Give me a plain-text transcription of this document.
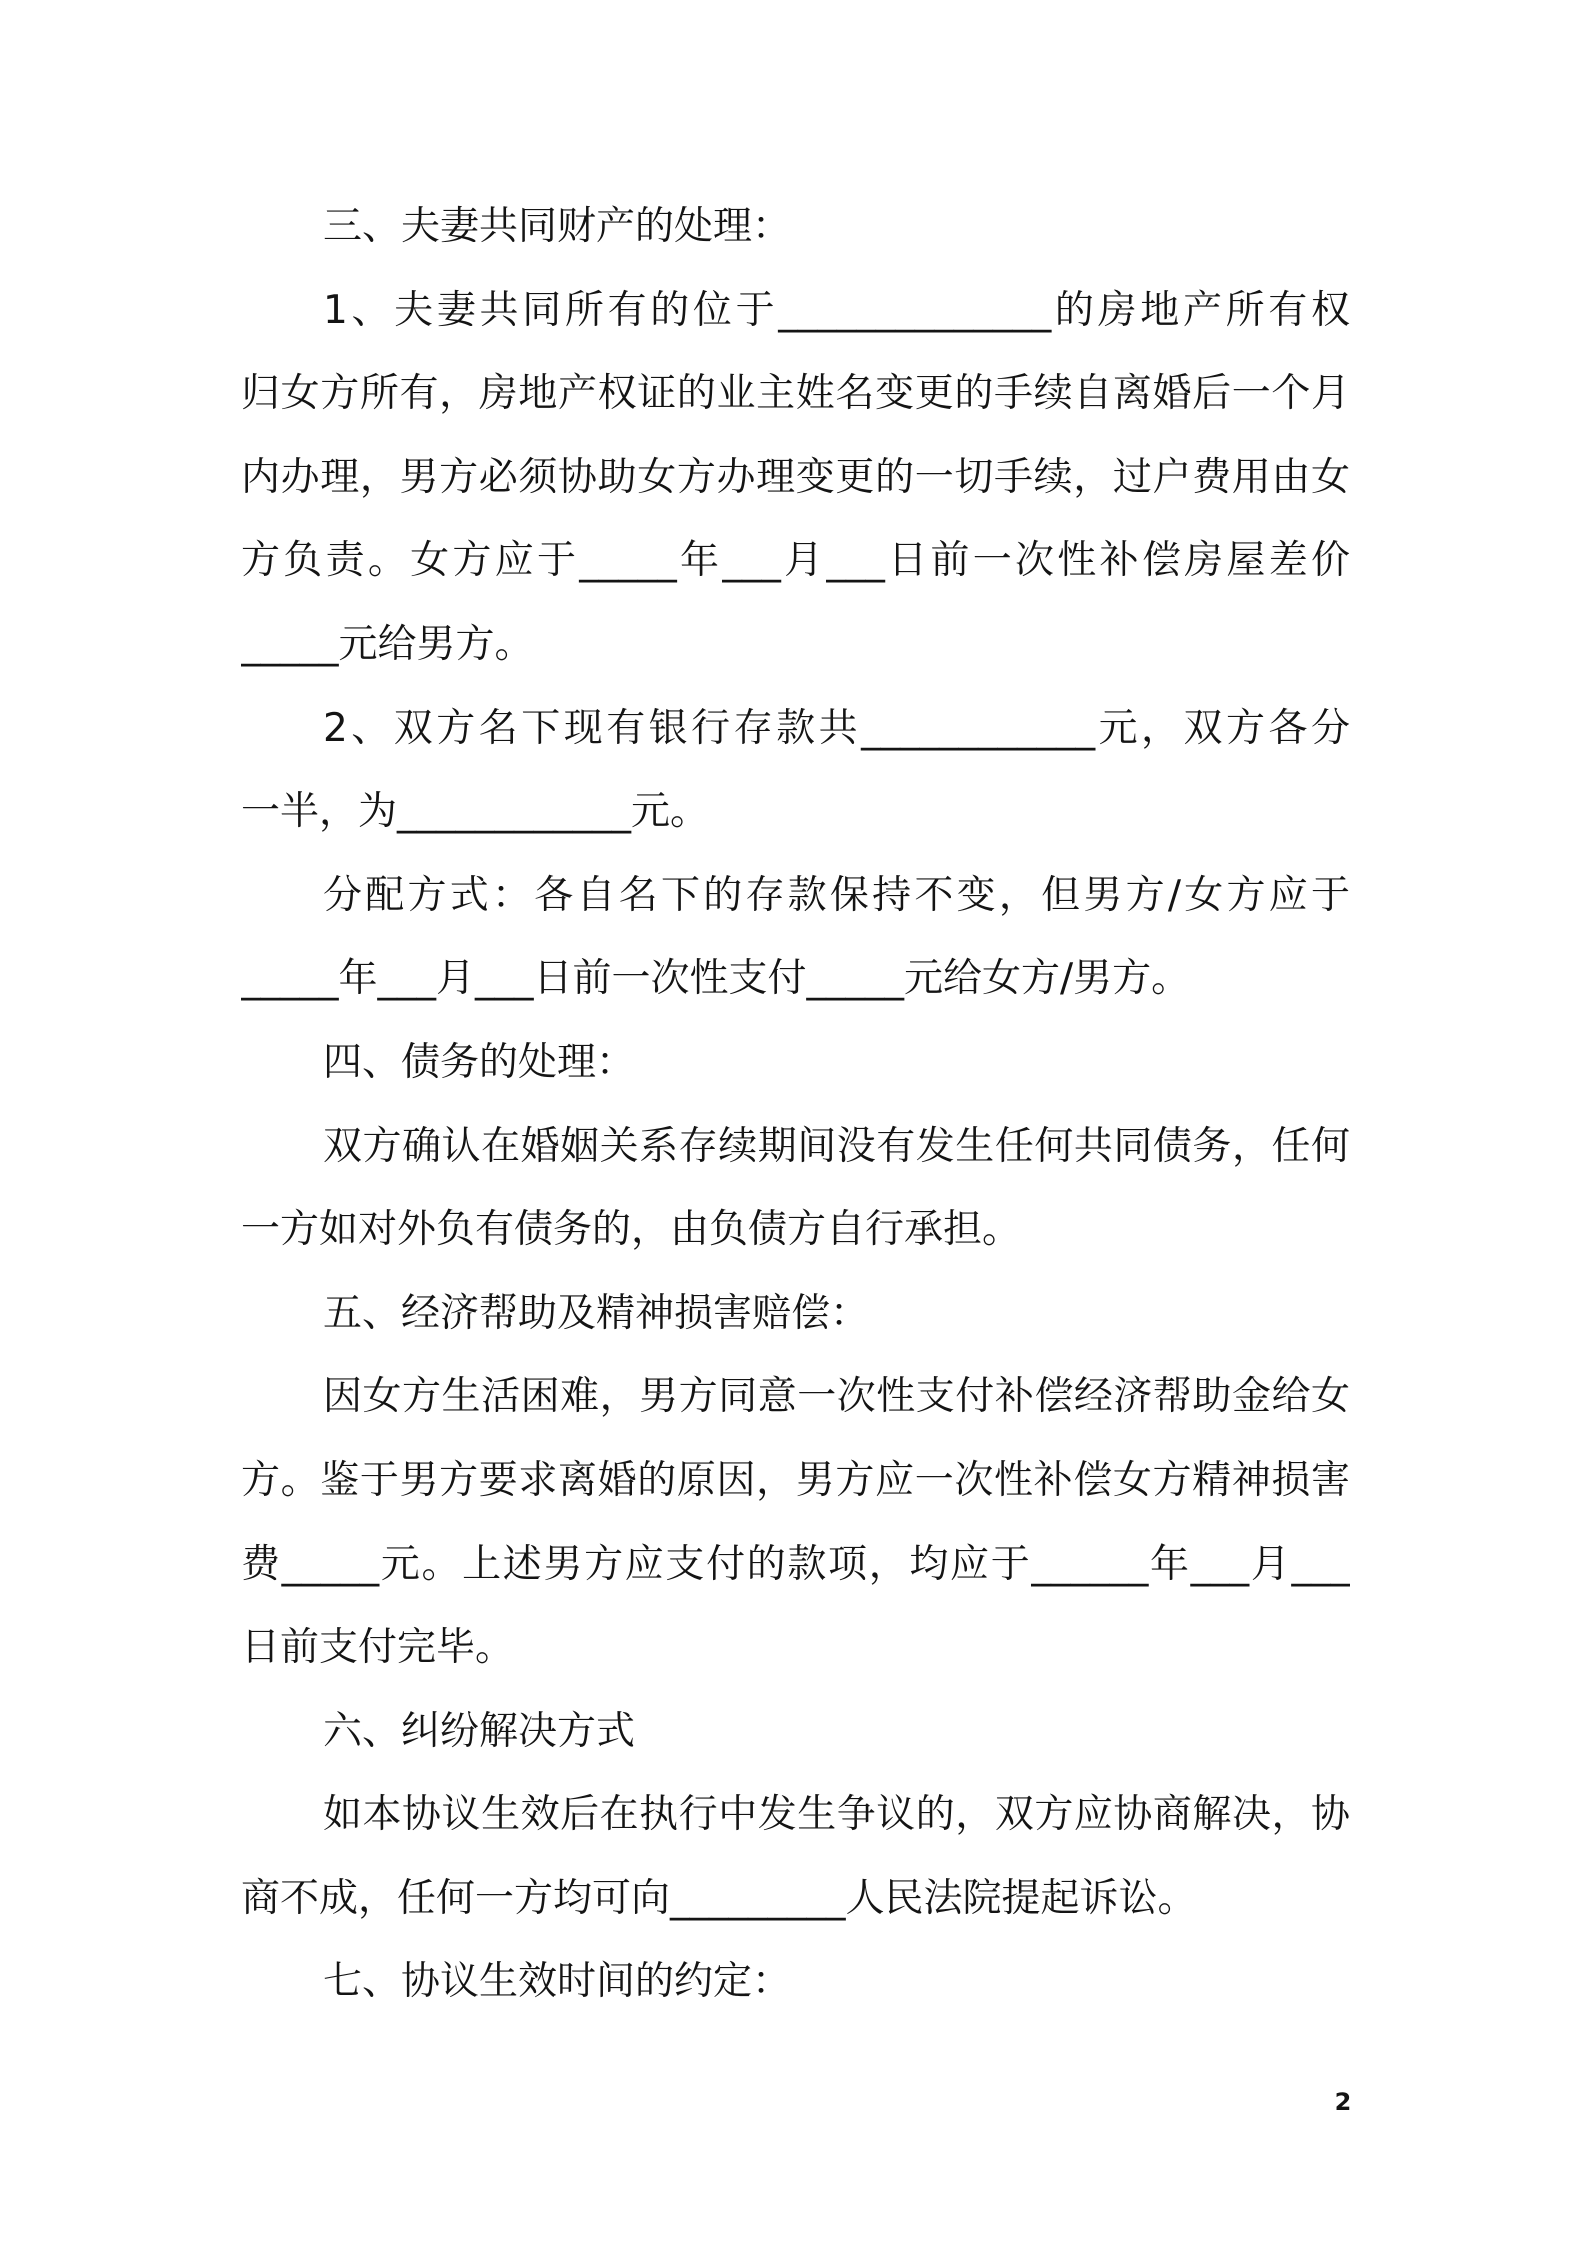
三、夫妻共同财产的处理：
1、夫妻共同所有的位于______________的房地产所有权
归女方所有，房地产权证的业主姓名变更的手续自离婚后一个月
内办理，男方必须协助女方办理变更的一切手续，过户费用由女
方负责。女方应于_____年___月___日前一次性补偿房屋差价
_____元给男方。
2、双方名下现有银行存款共____________元，双方各分
一半，为____________元。
分配方式：各自名下的存款保持不变，但男方/女方应于
_____年___月___日前一次性支付_____元给女方/男方。
四、债务的处理：
双方确认在婚姻关系存续期间没有发生任何共同债务，任何
一方如对外负有债务的，由负债方自行承担。
五、经济帮助及精神损害赔偿：
因女方生活困难，男方同意一次性支付补偿经济帮助金给女
方。鉴于男方要求离婚的原因，男方应一次性补偿女方精神损害
费_____元。上述男方应支付的款项，均应于______年___月___
日前支付完毕。
六、纠纷解决方式
如本协议生效后在执行中发生争议的，双方应协商解决，协
商不成，任何一方均可向_________人民法院提起诉讼。
七、协议生效时间的约定：
2
